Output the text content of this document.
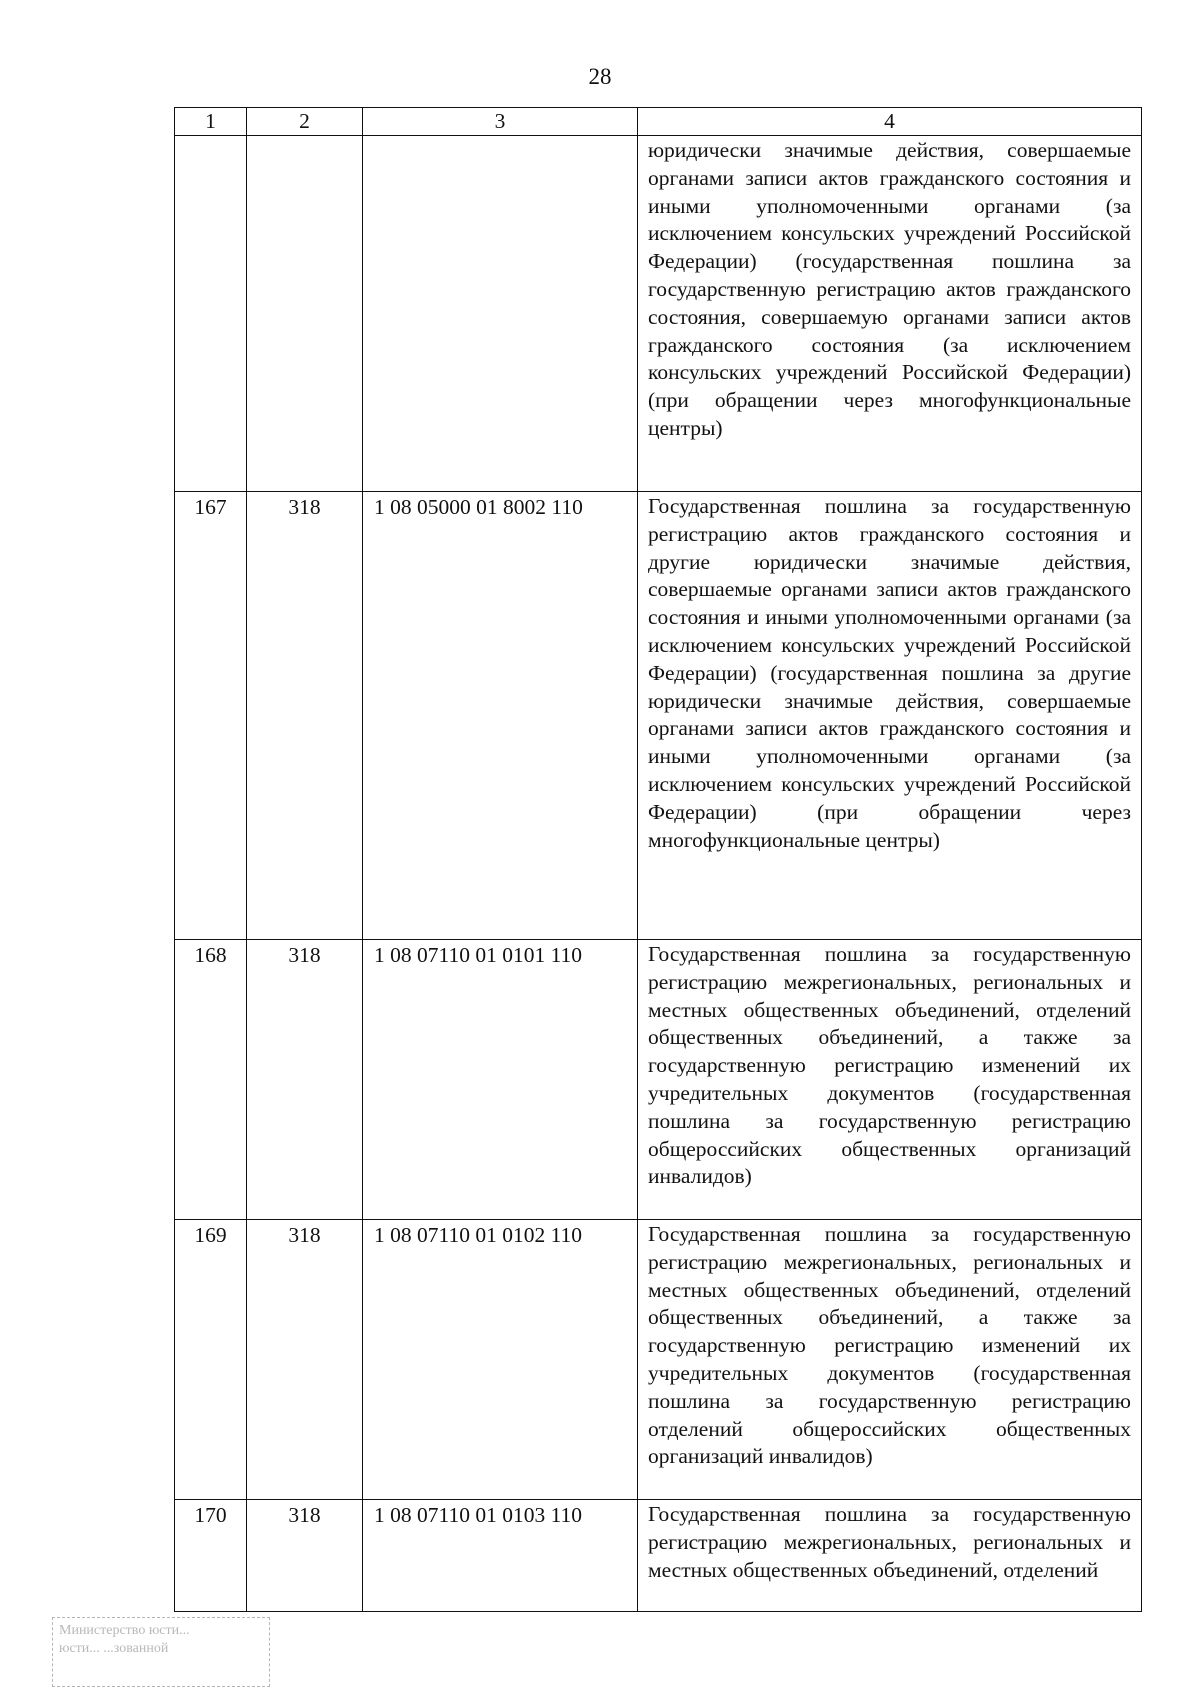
28
1	2	3	4
			юридически значимые действия, совершаемые органами записи актов гражданского состояния и иными уполномоченными органами (за исключением консульских учреждений Российской Федерации) (государственная пошлина за государственную регистрацию актов гражданского состояния, совершаемую органами записи актов гражданского состояния (за исключением консульских учреждений Российской Федерации) (при обращении через многофункциональные центры)
167	318	1 08 05000 01 8002 110	Государственная пошлина за государственную регистрацию актов гражданского состояния и другие юридически значимые действия, совершаемые органами записи актов гражданского состояния и иными уполномоченными органами (за исключением консульских учреждений Российской Федерации) (государственная пошлина за другие юридически значимые действия, совершаемые органами записи актов гражданского состояния и иными уполномоченными органами (за исключением консульских учреждений Российской Федерации) (при обращении через многофункциональные центры)
168	318	1 08 07110 01 0101 110	Государственная пошлина за государственную регистрацию межрегиональных, региональных и местных общественных объединений, отделений общественных объединений, а также за государственную регистрацию изменений их учредительных документов (государственная пошлина за государственную регистрацию общероссийских общественных организаций инвалидов)
169	318	1 08 07110 01 0102 110	Государственная пошлина за государственную регистрацию межрегиональных, региональных и местных общественных объединений, отделений общественных объединений, а также за государственную регистрацию изменений их учредительных документов (государственная пошлина за государственную регистрацию отделений общероссийских общественных организаций инвалидов)
170	318	1 08 07110 01 0103 110	Государственная пошлина за государственную регистрацию межрегиональных, региональных и местных общественных объединений, отделений
Министерство юсти...
юсти... ...зованной
